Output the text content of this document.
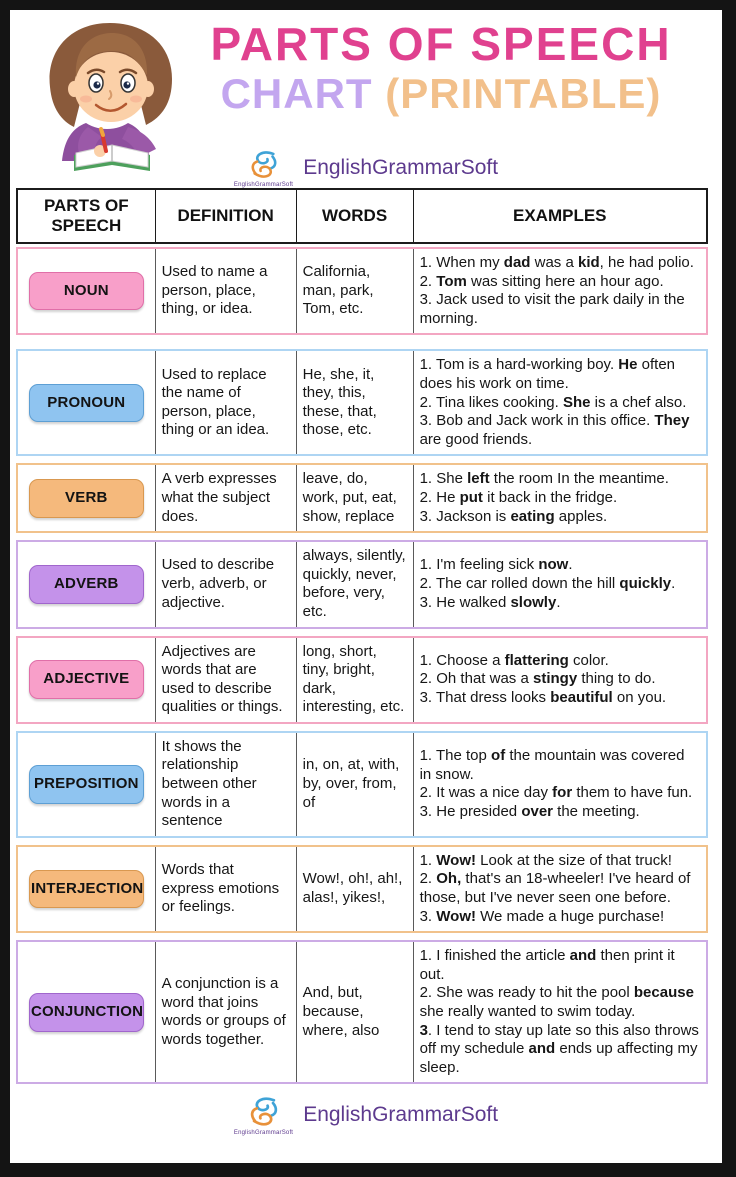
PARTS OF SPEECH
CHART (PRINTABLE)
EnglishGrammarSoft
EnglishGrammarSoft
PARTS OF SPEECH
DEFINITION	WORDS	EXAMPLES
NOUN
Used to name a person, place, thing, or idea.
California, man, park, Tom, etc.
1. When my dad was a kid, he had polio.
2. Tom was sitting here an hour ago.
3. Jack used to visit the park daily in the morning.
PRONOUN
Used to replace the name of person, place, thing or an idea.
He, she, it, they, this, these, that, those, etc.
1. Tom is a hard-working boy. He often does his work on time.
2. Tina likes cooking. She is a chef also.
3. Bob and Jack work in this office. They are good friends.
VERB
A verb expresses what the subject does.
leave, do, work, put, eat, show, replace
1. She left the room In the meantime.
2. He put it back in the fridge.
3. Jackson is eating apples.
ADVERB
Used to describe verb, adverb, or adjective.
always, silently, quickly, never, before, very, etc.
1. I'm feeling sick now.
2. The car rolled down the hill quickly.
3. He walked slowly.
ADJECTIVE
Adjectives are words that are used to describe qualities or things.
long, short, tiny, bright, dark, interesting, etc.
1. Choose a flattering color.
2. Oh that was a stingy thing to do.
3. That dress looks beautiful on you.
PREPOSITION
It shows the relationship between other words in a sentence
in, on, at, with, by, over, from, of
1. The top of the mountain was covered in snow.
2. It was a nice day for them to have fun.
3. He presided over the meeting.
INTERJECTION
Words that express emotions or feelings.
Wow!, oh!, ah!, alas!, yikes!,
1. Wow! Look at the size of that truck!
2. Oh, that's an 18-wheeler! I've heard of those, but I've never seen one before.
3. Wow! We made a huge purchase!
CONJUNCTION
A conjunction is a word that joins words or groups of words together.
And, but, because, where, also
1. I finished the article and then print it out.
2. She was ready to hit the pool because she really wanted to swim today.
3. I tend to stay up late so this also throws off my schedule and ends up affecting my sleep.
EnglishGrammarSoft
EnglishGrammarSoft
